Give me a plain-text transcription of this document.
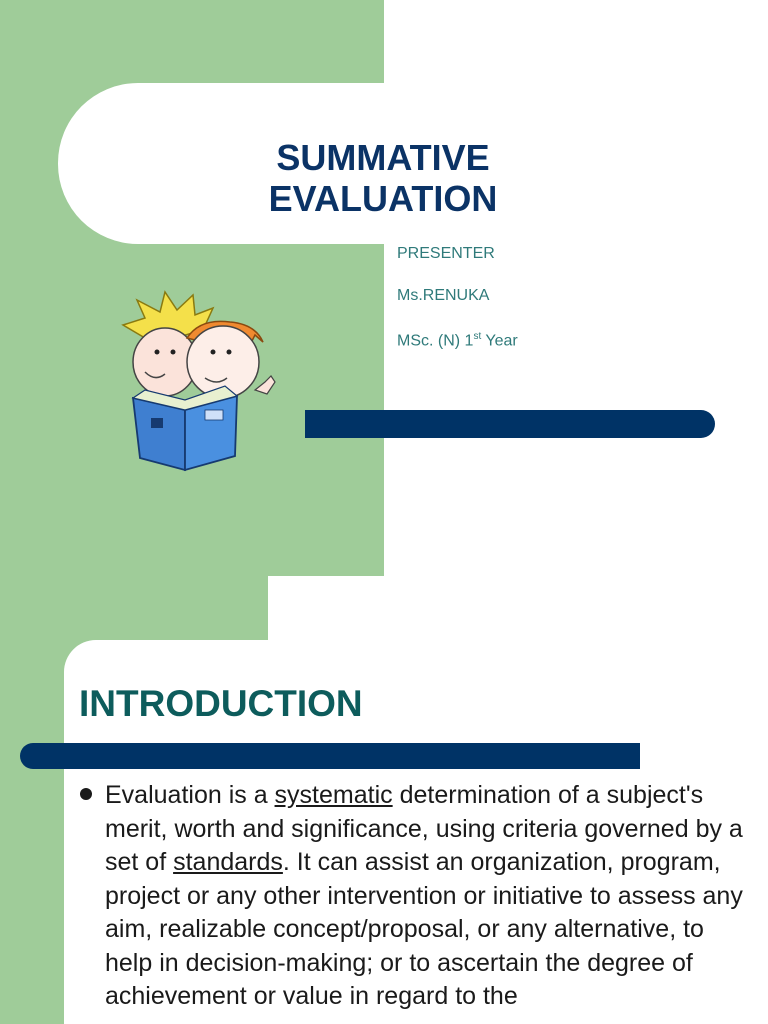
SUMMATIVE
EVALUATION
PRESENTER
Ms.RENUKA
MSc. (N) 1st Year
INTRODUCTION

Evaluation is a systematic determination of a subject's merit, worth and significance, using criteria governed by a set of standards. It can assist an organization, program, project or any other intervention or initiative to assess any aim, realizable concept/proposal, or any alternative, to help in decision-making; or to ascertain the degree of achievement or value in regard to the
